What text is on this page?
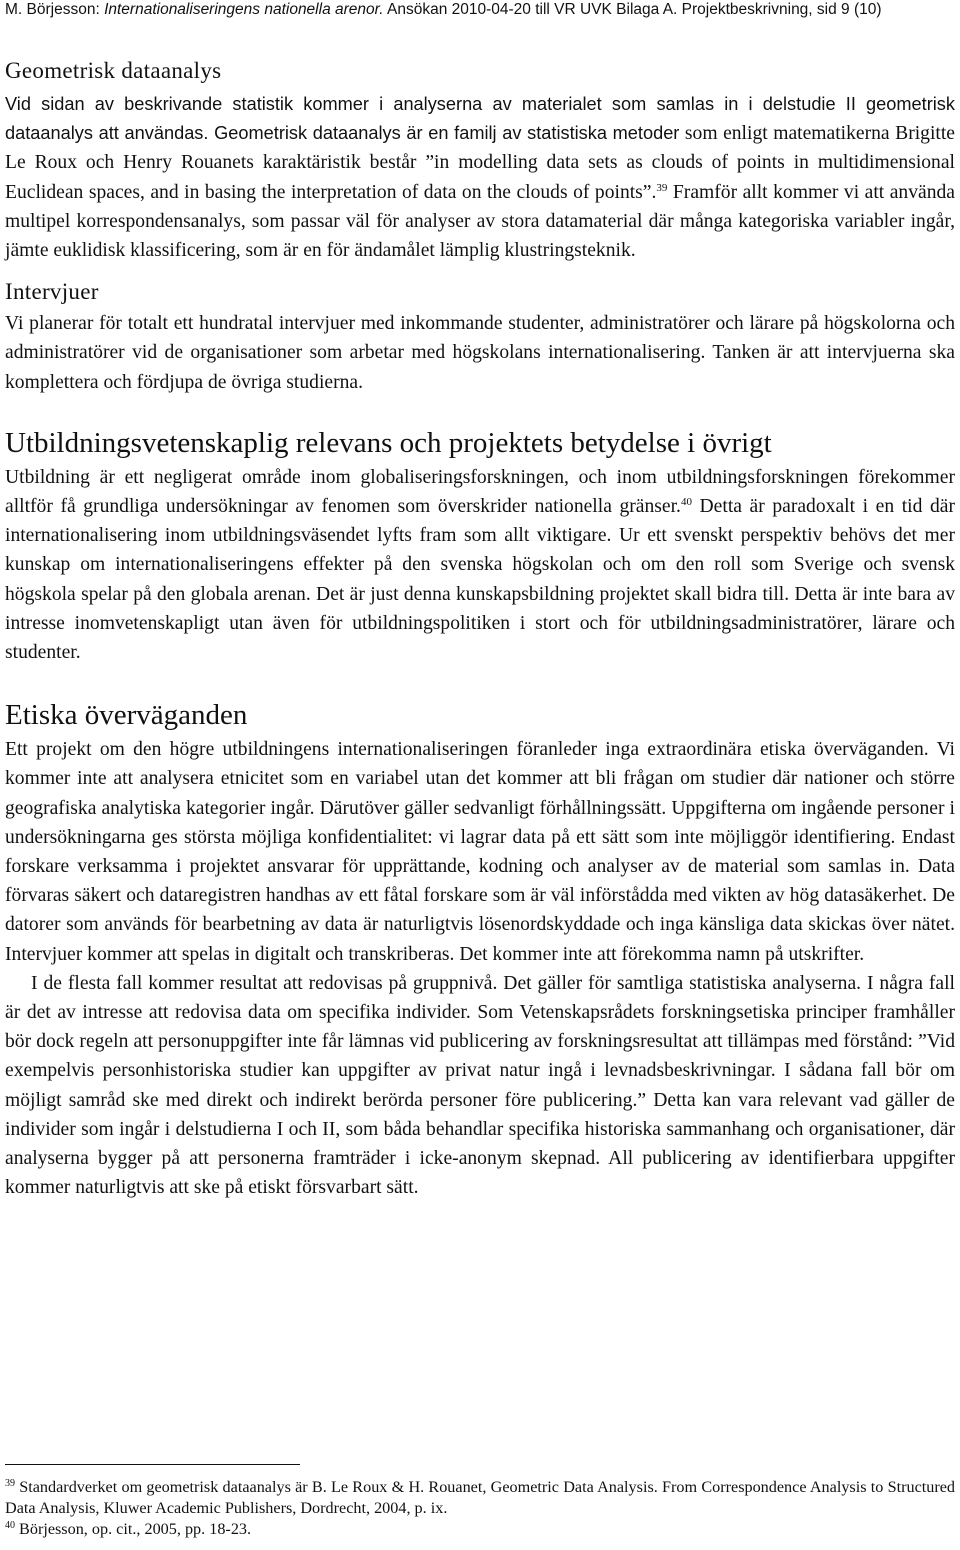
M. Börjesson: Internationaliseringens nationella arenor. Ansökan 2010-04-20 till VR UVK Bilaga A. Projektbeskrivning, sid 9 (10)
Geometrisk dataanalys

Vid sidan av beskrivande statistik kommer i analyserna av materialet som samlas in i delstudie II geometrisk dataanalys att användas. Geometrisk dataanalys är en familj av statistiska metoder som enligt matematikerna Brigitte Le Roux och Henry Rouanets karaktäristik består ”in modelling data sets as clouds of points in multidimensional Euclidean spaces, and in basing the interpretation of data on the clouds of points”.$^{39}$ Framför allt kommer vi att använda multipel korrespondensanalys, som passar väl för analyser av stora datamaterial där många kategoriska variabler ingår, jämte euklidisk klassificering, som är en för ändamålet lämplig klustringsteknik.

Intervjuer

Vi planerar för totalt ett hundratal intervjuer med inkommande studenter, administratörer och lärare på högskolorna och administratörer vid de organisationer som arbetar med högskolans internationalisering. Tanken är att intervjuerna ska komplettera och fördjupa de övriga studierna.

Utbildningsvetenskaplig relevans och projektets betydelse i övrigt

Utbildning är ett negligerat område inom globaliseringsforskningen, och inom utbildningsforskningen förekommer alltför få grundliga undersökningar av fenomen som överskrider nationella gränser.$^{40}$ Detta är paradoxalt i en tid där internationalisering inom utbildningsväsendet lyfts fram som allt viktigare. Ur ett svenskt perspektiv behövs det mer kunskap om internationaliseringens effekter på den svenska högskolan och om den roll som Sverige och svensk högskola spelar på den globala arenan. Det är just denna kunskapsbildning projektet skall bidra till. Detta är inte bara av intresse inomvetenskapligt utan även för utbildningspolitiken i stort och för utbildningsadministratörer, lärare och studenter.

Etiska överväganden

Ett projekt om den högre utbildningens internationaliseringen föranleder inga extraordinära etiska överväganden. Vi kommer inte att analysera etnicitet som en variabel utan det kommer att bli frågan om studier där nationer och större geografiska analytiska kategorier ingår. Därutöver gäller sedvanligt förhållningssätt. Uppgifterna om ingående personer i undersökningarna ges största möjliga konfidentialitet: vi lagrar data på ett sätt som inte möjliggör identifiering. Endast forskare verksamma i projektet ansvarar för upprättande, kodning och analyser av de material som samlas in. Data förvaras säkert och dataregistren handhas av ett fåtal forskare som är väl införstådda med vikten av hög datasäkerhet. De datorer som används för bearbetning av data är naturligtvis lösenordskyddade och inga känsliga data skickas över nätet. Intervjuer kommer att spelas in digitalt och transkriberas. Det kommer inte att förekomma namn på utskrifter.

I de flesta fall kommer resultat att redovisas på gruppnivå. Det gäller för samtliga statistiska analyserna. I några fall är det av intresse att redovisa data om specifika individer. Som Vetenskapsrådets forskningsetiska principer framhåller bör dock regeln att personuppgifter inte får lämnas vid publicering av forskningsresultat att tillämpas med förstånd: ”Vid exempelvis personhistoriska studier kan uppgifter av privat natur ingå i levnadsbeskrivningar. I sådana fall bör om möjligt samråd ske med direkt och indirekt berörda personer före publicering.” Detta kan vara relevant vad gäller de individer som ingår i delstudierna I och II, som båda behandlar specifika historiska sammanhang och organisationer, där analyserna bygger på att personerna framträder i icke-anonym skepnad. All publicering av identifierbara uppgifter kommer naturligtvis att ske på etiskt försvarbart sätt.

$^{39}$ Standardverket om geometrisk dataanalys är B. Le Roux & H. Rouanet, Geometric Data Analysis. From Correspondence Analysis to Structured Data Analysis, Kluwer Academic Publishers, Dordrecht, 2004, p. ix.

$^{40}$ Börjesson, op. cit., 2005, pp. 18-23.
